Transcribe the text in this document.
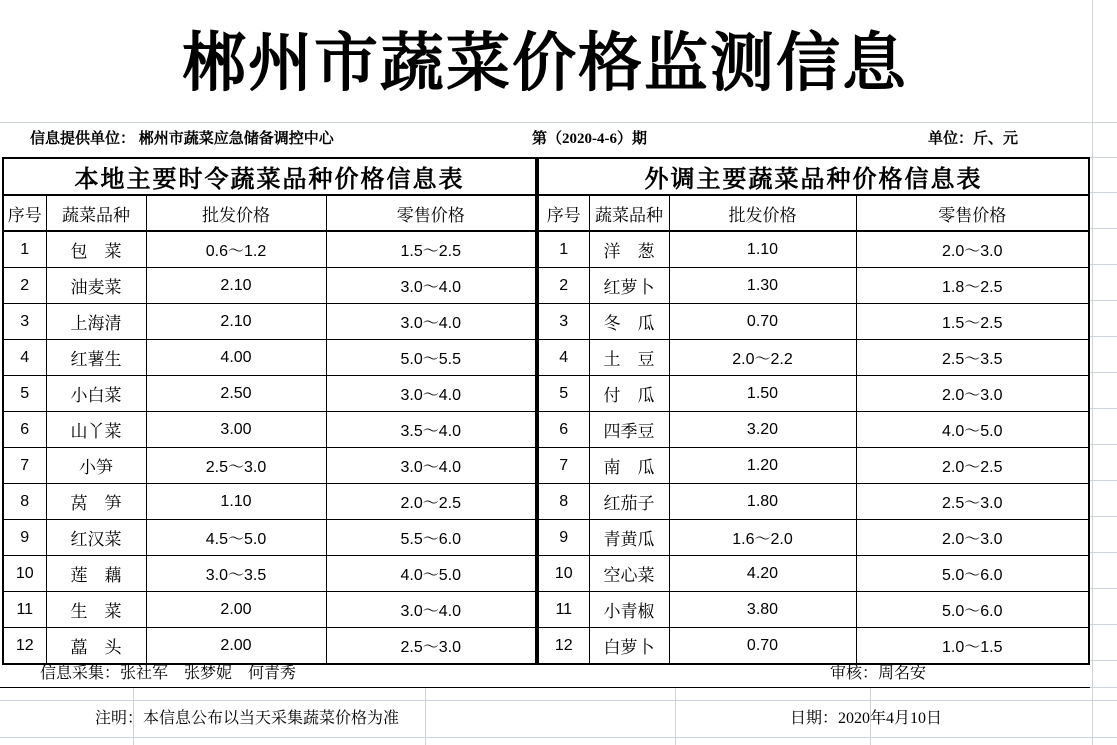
郴州市蔬菜价格监测信息
信息提供单位： 郴州市蔬菜应急储备调控中心	第（2020-4-6）期	单位：斤、元
本地主要时令蔬菜品种价格信息表			
序号	蔬菜品种	批发价格	零售价格
1	包　菜	0.6～1.2	1.5～2.5
2	油麦菜	2.10	3.0～4.0
3	上海清	2.10	3.0～4.0
4	红薯生	4.00	5.0～5.5
5	小白菜	2.50	3.0～4.0
6	山丫菜	3.00	3.5～4.0
7	小笋	2.5～3.0	3.0～4.0
8	莴　笋	1.10	2.0～2.5
9	红汉菜	4.5～5.0	5.5～6.0
10	莲　藕	3.0～3.5	4.0～5.0
11	生　菜	2.00	3.0～4.0
12	藠　头	2.00	2.5～3.0
外调主要蔬菜品种价格信息表			
序号	蔬菜品种	批发价格	零售价格
1	洋　葱	1.10	2.0～3.0
2	红萝卜	1.30	1.8～2.5
3	冬　瓜	0.70	1.5～2.5
4	土　豆	2.0～2.2	2.5～3.5
5	付　瓜	1.50	2.0～3.0
6	四季豆	3.20	4.0～5.0
7	南　瓜	1.20	2.0～2.5
8	红茄子	1.80	2.5～3.0
9	青黄瓜	1.6～2.0	2.0～3.0
10	空心菜	4.20	5.0～6.0
11	小青椒	3.80	5.0～6.0
12	白萝卜	0.70	1.0～1.5
信息采集：张社军　张梦妮　何青秀	审核：周名安
注明：本信息公布以当天采集蔬菜价格为准	日期：2020年4月10日
